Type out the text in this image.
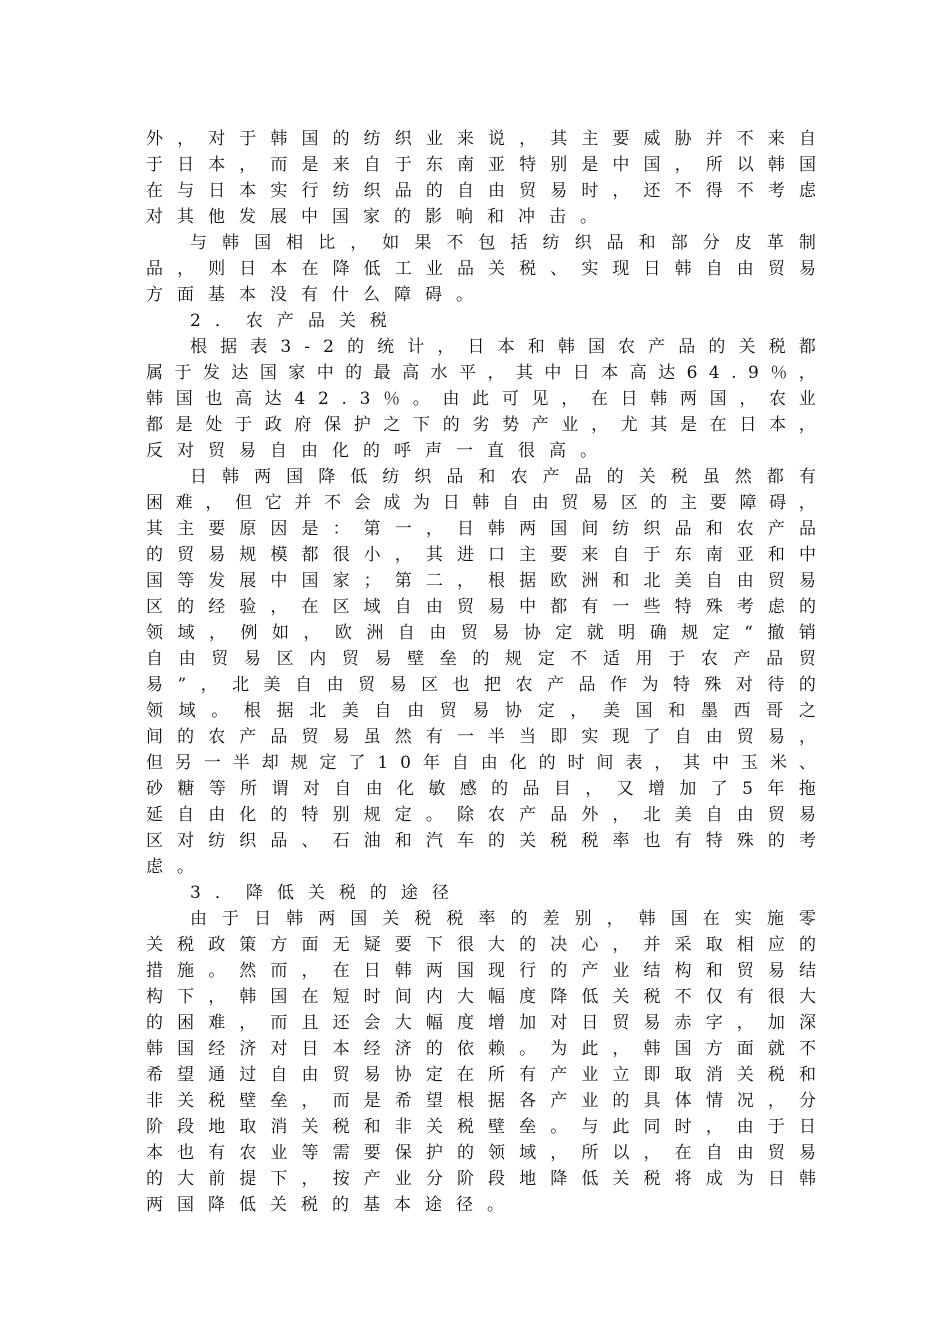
外 ， 对 于 韩 国 的 纺 织 业 来 说 ， 其 主 要 威 胁 并 不 来 自
于 日 本 ， 而 是 来 自 于 东 南 亚 特 别 是 中 国 ， 所 以 韩 国
在 与 日 本 实 行 纺 织 品 的 自 由 贸 易 时 ， 还 不 得 不 考 虑
对其他发展中国家的影响和冲击。
与 韩 国 相 比 ， 如 果 不 包 括 纺 织 品 和 部 分 皮 革 制
品 ， 则 日 本 在 降 低 工 业 品 关 税 、 实 现 日 韩 自 由 贸 易
方面基本没有什么障碍。
2．农产品关税
根 据 表 3 - 2 的 统 计 ， 日 本 和 韩 国 农 产 品 的 关 税 都
属 于 发 达 国 家 中 的 最 高 水 平 ， 其 中 日 本 高 达 6 4 . 9 ％ ，
韩 国 也 高 达 4 2 . 3 ％ 。 由 此 可 见 ， 在 日 韩 两 国 ， 农 业
都 是 处 于 政 府 保 护 之 下 的 劣 势 产 业 ， 尤 其 是 在 日 本 ，
反对贸易自由化的呼声一直很高。
日 韩 两 国 降 低 纺 织 品 和 农 产 品 的 关 税 虽 然 都 有
困 难 ， 但 它 并 不 会 成 为 日 韩 自 由 贸 易 区 的 主 要 障 碍 ，
其 主 要 原 因 是 ： 第 一 ， 日 韩 两 国 间 纺 织 品 和 农 产 品
的 贸 易 规 模 都 很 小 ， 其 进 口 主 要 来 自 于 东 南 亚 和 中
国 等 发 展 中 国 家 ； 第 二 ， 根 据 欧 洲 和 北 美 自 由 贸 易
区 的 经 验 ， 在 区 域 自 由 贸 易 中 都 有 一 些 特 殊 考 虑 的
领 域 ， 例 如 ， 欧 洲 自 由 贸 易 协 定 就 明 确 规 定 “ 撤 销
自 由 贸 易 区 内 贸 易 壁 垒 的 规 定 不 适 用 于 农 产 品 贸
易 ” ， 北 美 自 由 贸 易 区 也 把 农 产 品 作 为 特 殊 对 待 的
领 域 。 根 据 北 美 自 由 贸 易 协 定 ， 美 国 和 墨 西 哥 之
间 的 农 产 品 贸 易 虽 然 有 一 半 当 即 实 现 了 自 由 贸 易 ，
但 另 一 半 却 规 定 了 1 0 年 自 由 化 的 时 间 表 ， 其 中 玉 米 、
砂 糖 等 所 谓 对 自 由 化 敏 感 的 品 目 ， 又 增 加 了 5 年 拖
延 自 由 化 的 特 别 规 定 。 除 农 产 品 外 ， 北 美 自 由 贸 易
区 对 纺 织 品 、 石 油 和 汽 车 的 关 税 税 率 也 有 特 殊 的 考
虑。
3．降低关税的途径
由 于 日 韩 两 国 关 税 税 率 的 差 别 ， 韩 国 在 实 施 零
关 税 政 策 方 面 无 疑 要 下 很 大 的 决 心 ， 并 采 取 相 应 的
措 施 。 然 而 ， 在 日 韩 两 国 现 行 的 产 业 结 构 和 贸 易 结
构 下 ， 韩 国 在 短 时 间 内 大 幅 度 降 低 关 税 不 仅 有 很 大
的 困 难 ， 而 且 还 会 大 幅 度 增 加 对 日 贸 易 赤 字 ， 加 深
韩 国 经 济 对 日 本 经 济 的 依 赖 。 为 此 ， 韩 国 方 面 就 不
希 望 通 过 自 由 贸 易 协 定 在 所 有 产 业 立 即 取 消 关 税 和
非 关 税 壁 垒 ， 而 是 希 望 根 据 各 产 业 的 具 体 情 况 ， 分
阶 段 地 取 消 关 税 和 非 关 税 壁 垒 。 与 此 同 时 ， 由 于 日
本 也 有 农 业 等 需 要 保 护 的 领 域 ， 所 以 ， 在 自 由 贸 易
的 大 前 提 下 ， 按 产 业 分 阶 段 地 降 低 关 税 将 成 为 日 韩
两国降低关税的基本途径。
